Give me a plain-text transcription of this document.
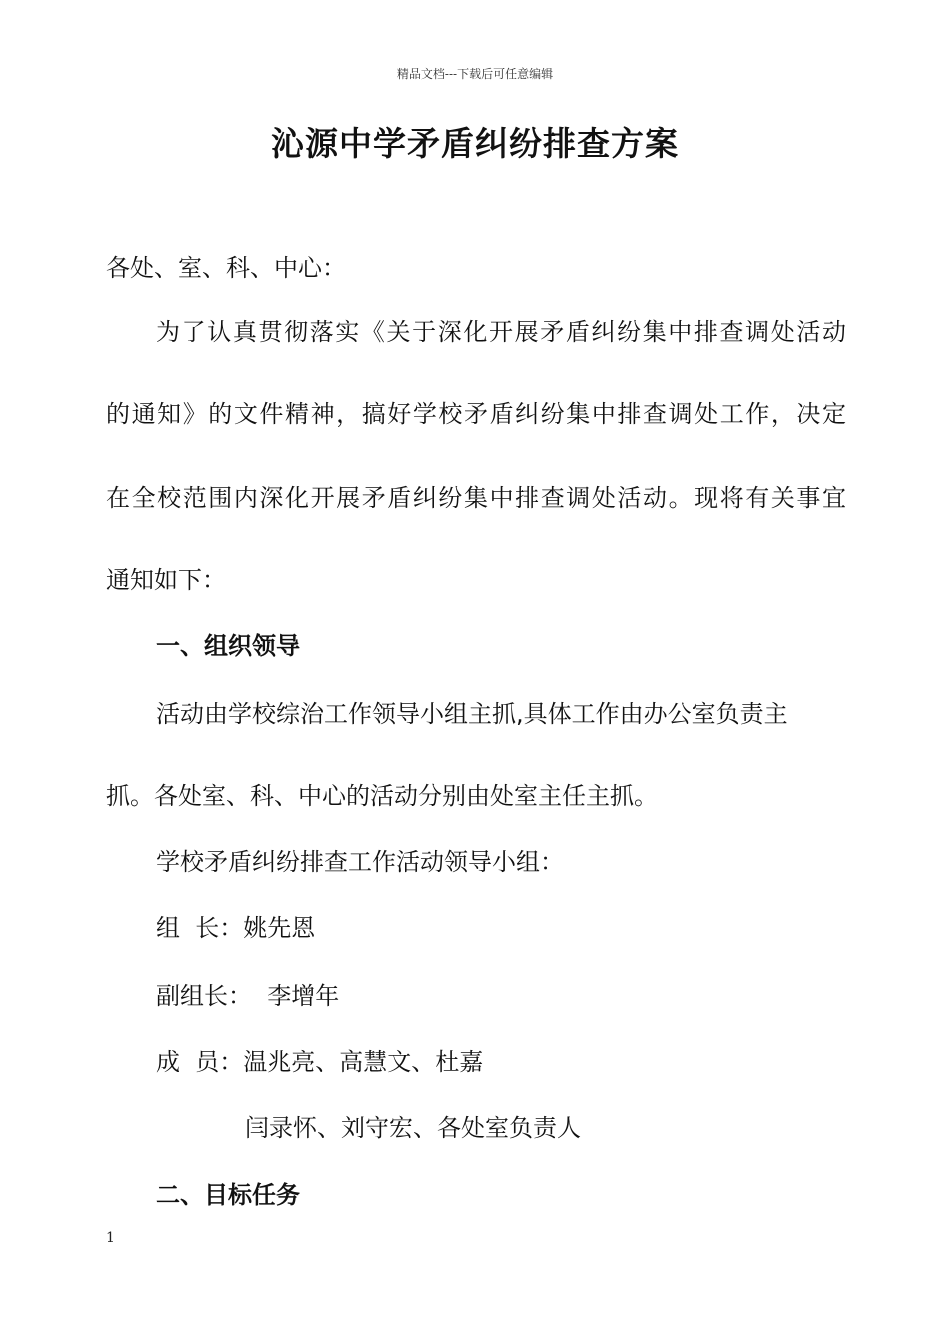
精品文档---下载后可任意编辑
沁源中学矛盾纠纷排查方案
各处、室、科、中心：
为了认真贯彻落实《关于深化开展矛盾纠纷集中排查调处活动
的通知》的文件精神，搞好学校矛盾纠纷集中排查调处工作，决定
在全校范围内深化开展矛盾纠纷集中排查调处活动。现将有关事宜
通知如下：
一、组织领导
活动由学校综治工作领导小组主抓,具体工作由办公室负责主
抓。各处室、科、中心的活动分别由处室主任主抓。
学校矛盾纠纷排查工作活动领导小组：
组  长：姚先恩
副组长：  李增年
成  员：温兆亮、高慧文、杜嘉
闫录怀、刘守宏、各处室负责人
二、目标任务
1
